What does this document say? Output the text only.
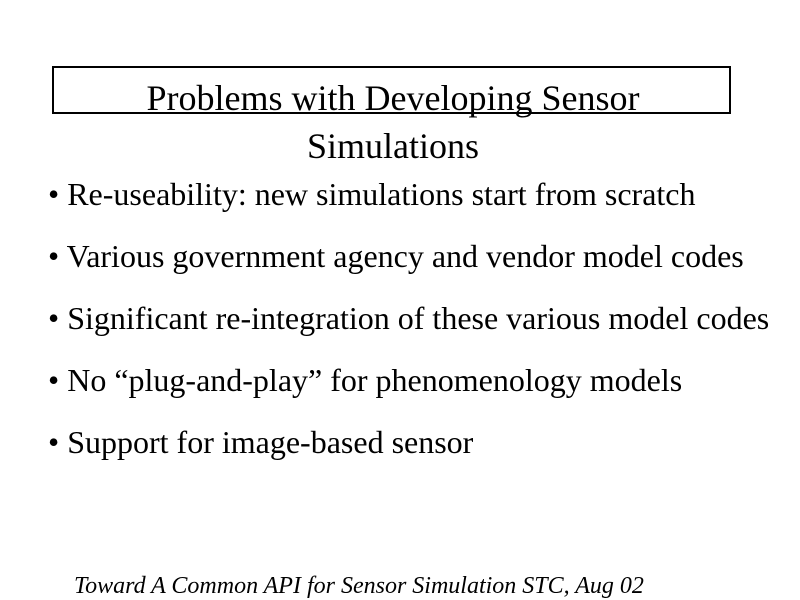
Problems with Developing Sensor
Simulations
• Re-useability: new simulations start from scratch
• Various government agency and vendor model codes
• Significant re-integration of these various model codes
• No “plug-and-play” for phenomenology models
• Support for image-based sensor
Toward A Common API for Sensor Simulation STC, Aug 02
